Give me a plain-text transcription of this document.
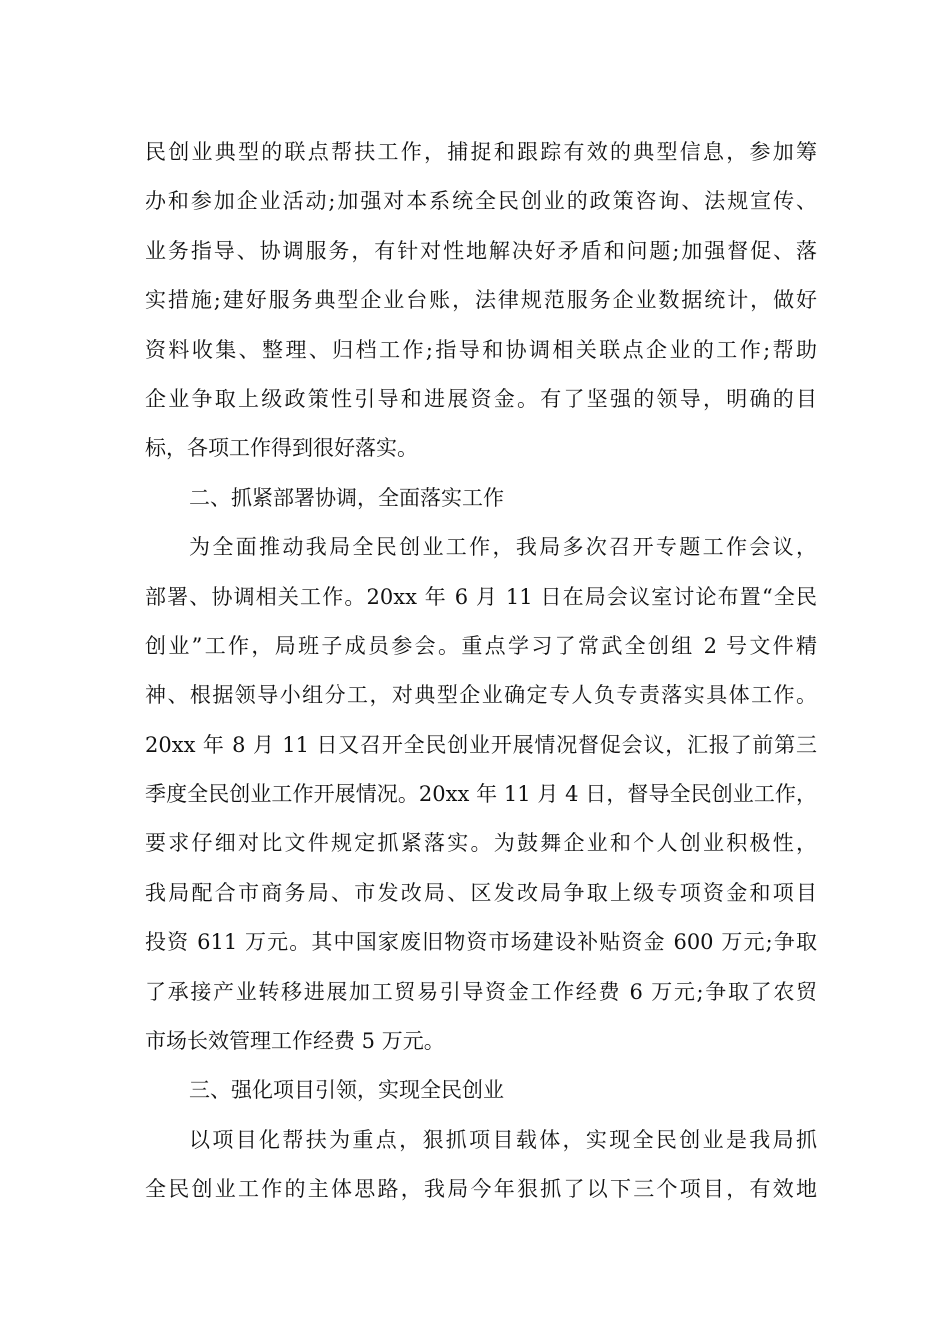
民创业典型的联点帮扶工作，捕捉和跟踪有效的典型信息，参加筹
办和参加企业活动;加强对本系统全民创业的政策咨询、法规宣传、
业务指导、协调服务，有针对性地解决好矛盾和问题;加强督促、落
实措施;建好服务典型企业台账，法律规范服务企业数据统计，做好
资料收集、整理、归档工作;指导和协调相关联点企业的工作;帮助
企业争取上级政策性引导和进展资金。有了坚强的领导，明确的目
标，各项工作得到很好落实。
二、抓紧部署协调，全面落实工作
为全面推动我局全民创业工作，我局多次召开专题工作会议，
部署、协调相关工作。20xx 年 6 月 11 日在局会议室讨论布置“全民
创业”工作，局班子成员参会。重点学习了常武全创组 2 号文件精
神、根据领导小组分工，对典型企业确定专人负专责落实具体工作。
20xx 年 8 月 11 日又召开全民创业开展情况督促会议，汇报了前第三
季度全民创业工作开展情况。20xx 年 11 月 4 日，督导全民创业工作，
要求仔细对比文件规定抓紧落实。为鼓舞企业和个人创业积极性，
我局配合市商务局、市发改局、区发改局争取上级专项资金和项目
投资 611 万元。其中国家废旧物资市场建设补贴资金 600 万元;争取
了承接产业转移进展加工贸易引导资金工作经费 6 万元;争取了农贸
市场长效管理工作经费 5 万元。
三、强化项目引领，实现全民创业
以项目化帮扶为重点，狠抓项目载体，实现全民创业是我局抓
全民创业工作的主体思路，我局今年狠抓了以下三个项目，有效地
